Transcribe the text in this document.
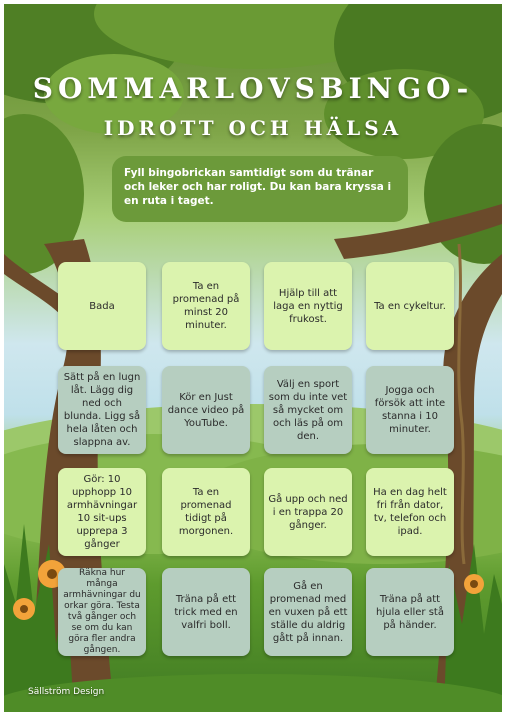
SOMMARLOVSBINGO-
IDROTT OCH HÄLSA
Fyll bingobrickan samtidigt som du tränar och leker och har roligt. Du kan bara kryssa i en ruta i taget.
Bada
Ta en promenad på minst 20 minuter.
Hjälp till att laga en nyttig frukost.
Ta en cykeltur.
Sätt på en lugn låt. Lägg dig ned och blunda. Ligg så hela låten och slappna av.
Kör en Just dance video på YouTube.
Välj en sport som du inte vet så mycket om och läs på om den.
Jogga och försök att inte stanna i 10 minuter.
Gör: 10 upphopp 10 armhävningar 10 sit-ups upprepa 3 gånger
Ta en promenad tidigt på morgonen.
Gå upp och ned i en trappa 20 gånger.
Ha en dag helt fri från dator, tv, telefon och ipad.
Räkna hur många armhävningar du orkar göra. Testa två gånger och se om du kan göra fler andra gången.
Träna på ett trick med en valfri boll.
Gå en promenad med en vuxen på ett ställe du aldrig gått på innan.
Träna på att hjula eller stå på händer.
Sällström Design
